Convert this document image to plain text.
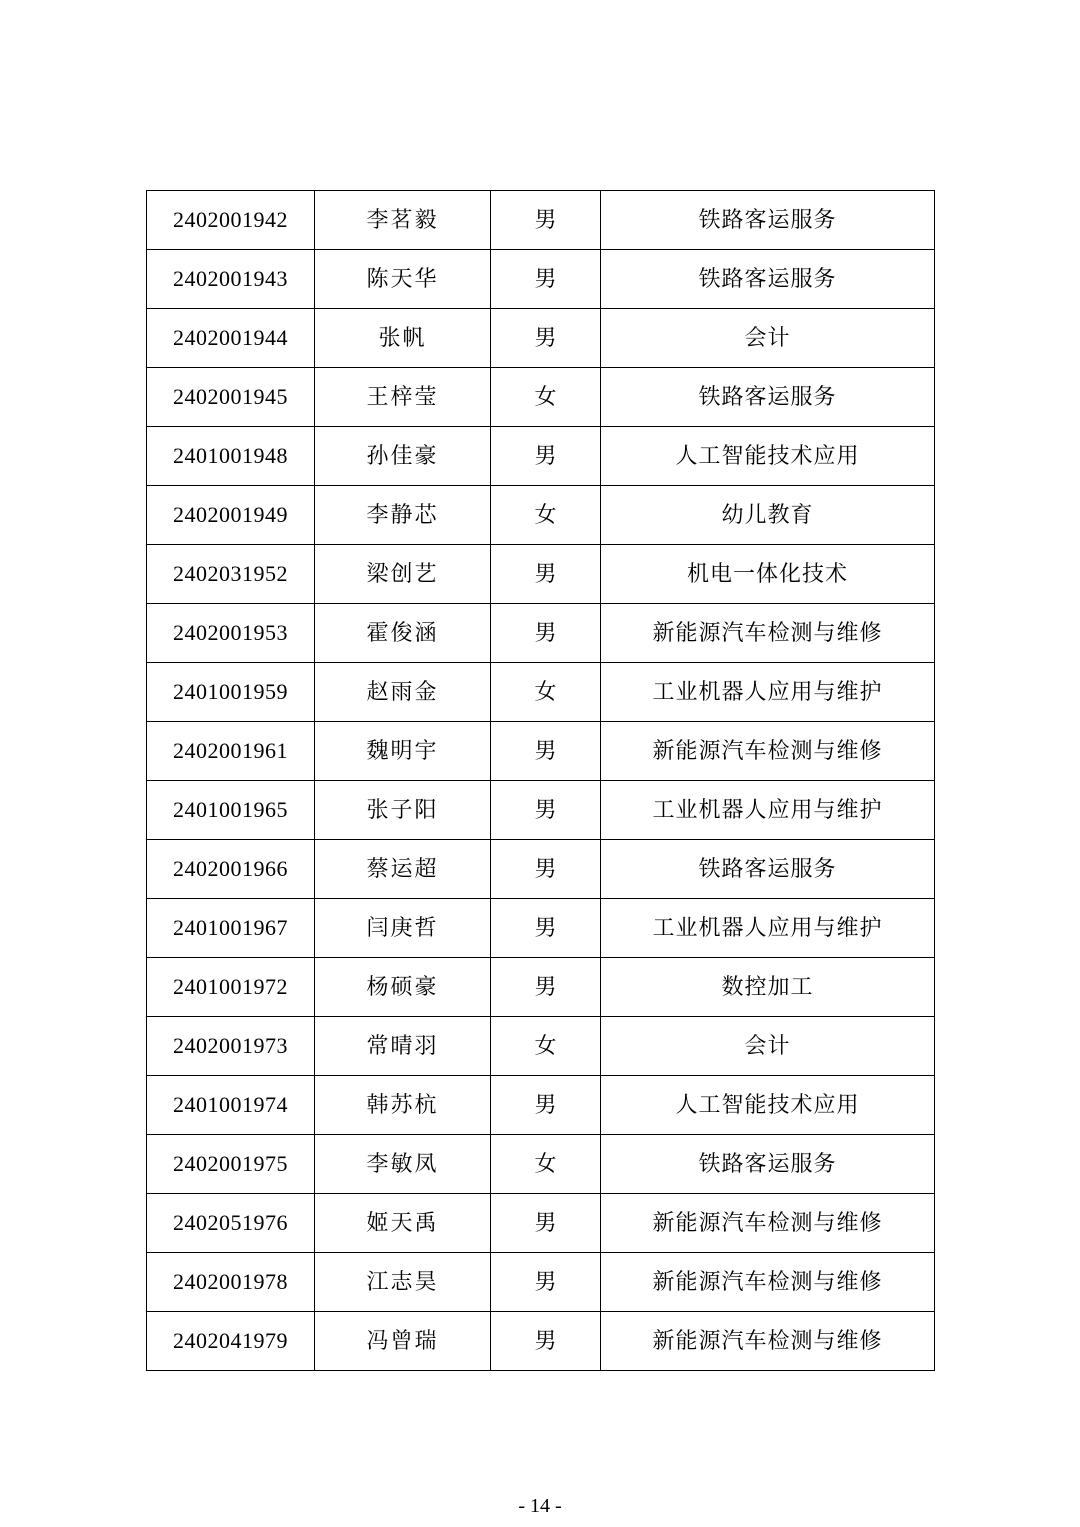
2402001942	李茗毅	男	铁路客运服务
2402001943	陈天华	男	铁路客运服务
2402001944	张帆	男	会计
2402001945	王梓莹	女	铁路客运服务
2401001948	孙佳豪	男	人工智能技术应用
2402001949	李静芯	女	幼儿教育
2402031952	梁创艺	男	机电一体化技术
2402001953	霍俊涵	男	新能源汽车检测与维修
2401001959	赵雨金	女	工业机器人应用与维护
2402001961	魏明宇	男	新能源汽车检测与维修
2401001965	张子阳	男	工业机器人应用与维护
2402001966	蔡运超	男	铁路客运服务
2401001967	闫庚哲	男	工业机器人应用与维护
2401001972	杨硕豪	男	数控加工
2402001973	常晴羽	女	会计
2401001974	韩苏杭	男	人工智能技术应用
2402001975	李敏凤	女	铁路客运服务
2402051976	姬天禹	男	新能源汽车检测与维修
2402001978	江志昊	男	新能源汽车检测与维修
2402041979	冯曾瑞	男	新能源汽车检测与维修
- 14 -
